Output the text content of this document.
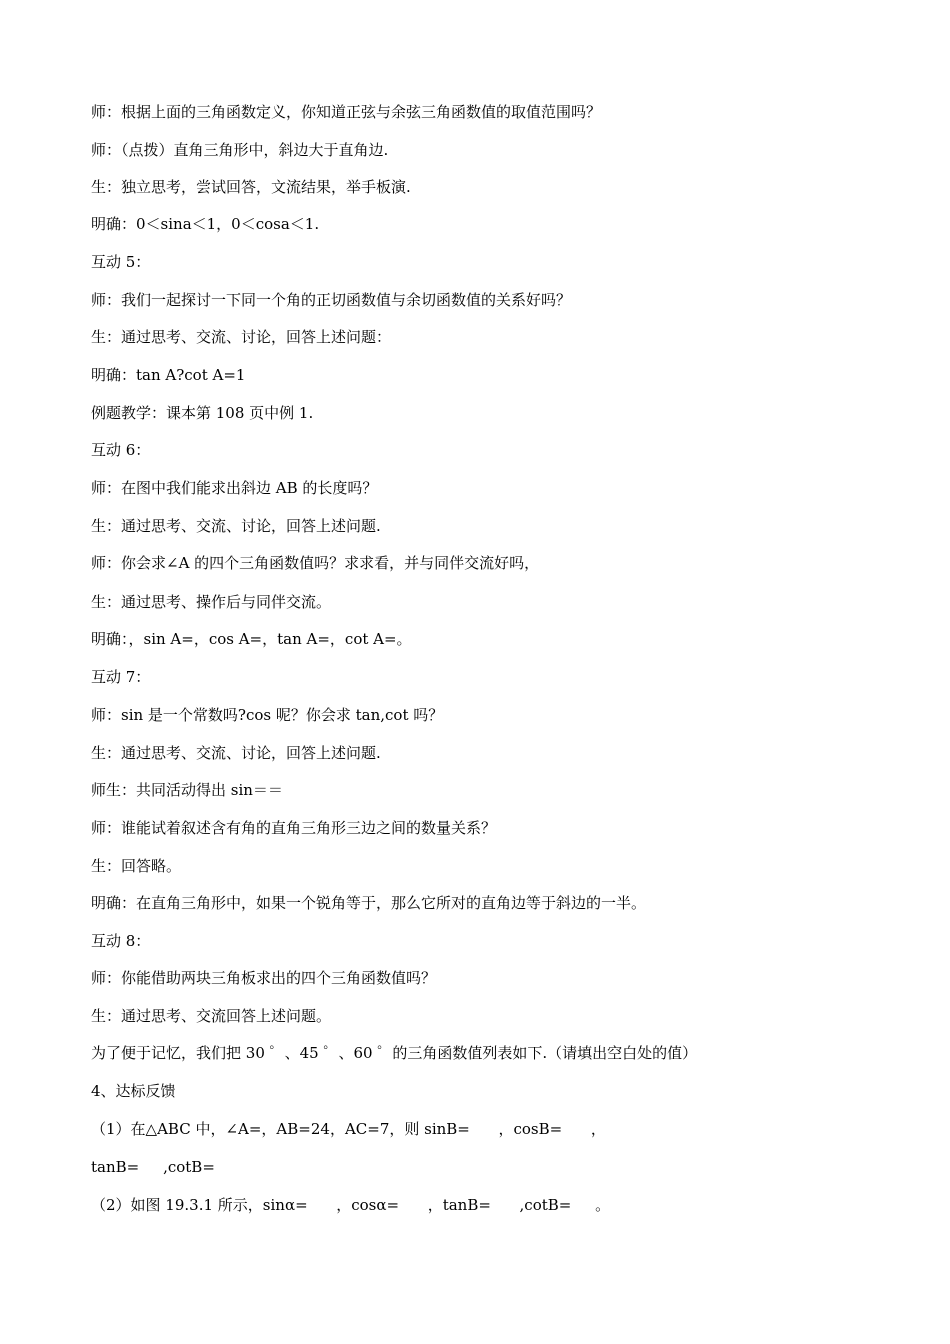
师：根据上面的三角函数定义，你知道正弦与余弦三角函数值的取值范围吗？
师：（点拨）直角三角形中，斜边大于直角边.
生：独立思考，尝试回答，文流结果，举手板演.
明确：0＜sina＜1，0＜cosa＜1.
互动 5：
师：我们一起探讨一下同一个角的正切函数值与余切函数值的关系好吗？
生：通过思考、交流、讨论，回答上述问题：
明确：tan A?cot A=1
例题教学：课本第 108 页中例 1.
互动 6：
师：在图中我们能求出斜边 AB 的长度吗？
生：通过思考、交流、讨论，回答上述问题.
师：你会求∠A 的四个三角函数值吗？求求看，并与同伴交流好吗，
生：通过思考、操作后与同伴交流。
明确：，sin A=，cos A=，tan A=，cot A=。
互动 7：
师：sin 是一个常数吗?cos 呢？你会求 tan,cot 吗？
生：通过思考、交流、讨论，回答上述问题.
师生：共同活动得出 sin＝＝
师：谁能试着叙述含有角的直角三角形三边之间的数量关系？
生：回答略。
明确：在直角三角形中，如果一个锐角等于，那么它所对的直角边等于斜边的一半。
互动 8：
师：你能借助两块三角板求出的四个三角函数值吗？
生：通过思考、交流回答上述问题。
为了便于记忆，我们把 30 ゜、45 ゜、60 ゜的三角函数值列表如下.（请填出空白处的值）
4、达标反馈
（1）在△ABC 中，∠A=，AB=24，AC=7，则 sinB=      ，cosB=      ，
tanB=     ,cotB=
（2）如图 19.3.1 所示，sinα=      ，cosα=      ，tanB=      ,cotB=     。
